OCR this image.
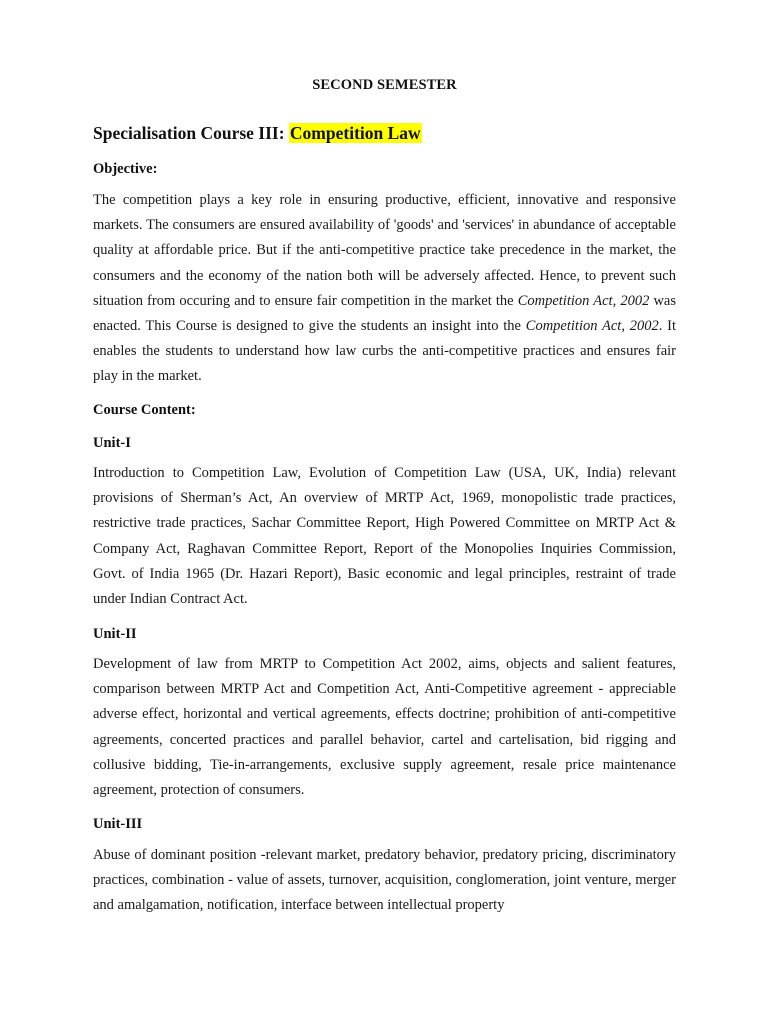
SECOND SEMESTER
Specialisation Course III: Competition Law
Objective:
The competition plays a key role in ensuring productive, efficient, innovative and responsive markets. The consumers are ensured availability of 'goods' and 'services' in abundance of acceptable quality at affordable price. But if the anti-competitive practice take precedence in the market, the consumers and the economy of the nation both will be adversely affected. Hence, to prevent such situation from occuring and to ensure fair competition in the market the Competition Act, 2002 was enacted. This Course is designed to give the students an insight into the Competition Act, 2002. It enables the students to understand how law curbs the anti-competitive practices and ensures fair play in the market.
Course Content:
Unit-I
Introduction to Competition Law, Evolution of Competition Law (USA, UK, India) relevant provisions of Sherman’s Act, An overview of MRTP Act, 1969, monopolistic trade practices, restrictive trade practices, Sachar Committee Report, High Powered Committee on MRTP Act & Company Act, Raghavan Committee Report, Report of the Monopolies Inquiries Commission, Govt. of India 1965 (Dr. Hazari Report), Basic economic and legal principles, restraint of trade under Indian Contract Act.
Unit-II
Development of law from MRTP to Competition Act 2002, aims, objects and salient features, comparison between MRTP Act and Competition Act, Anti-Competitive agreement - appreciable adverse effect, horizontal and vertical agreements, effects doctrine; prohibition of anti-competitive agreements, concerted practices and parallel behavior, cartel and cartelisation, bid rigging and collusive bidding, Tie-in-arrangements, exclusive supply agreement, resale price maintenance agreement, protection of consumers.
Unit-III
Abuse of dominant position -relevant market, predatory behavior, predatory pricing, discriminatory practices, combination - value of assets, turnover, acquisition, conglomeration, joint venture, merger and amalgamation, notification, interface between intellectual property
